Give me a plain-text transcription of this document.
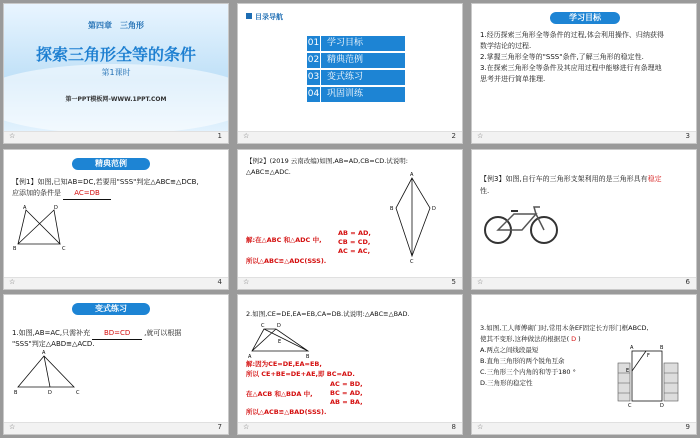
第四章　三角形
探索三角形全等的条件
第1课时
第一PPT模板网-WWW.1PPT.COM
☆	1
目录导航
01 学习目标
02 精典范例
03 变式练习
04 巩固训练
☆	2
学习目标
1.经历探索三角形全等条件的过程,体会利用操作、归纳获得
数学结论的过程.
2.掌握三角形全等的"SSS"条件,了解三角形的稳定性.
3.在探索三角形全等条件及其应用过程中能够进行有条理地
思考并进行简单推理.
☆	3
精典范例
【例1】如图,已知AB=DC,若要用"SSS"判定△ABC≌△DCB,
应添加的条件是 AC=DB
A	D
B	C
☆	4
【例2】(2019 云南改编)如图,AB=AD,CB=CD.试说明:
△ABC≌△ADC.
解:在△ABC 和△ADC 中,
AB = AD,
CB = CD,
AC = AC,
所以△ABC≌△ADC(SSS).
A
B	D
C
☆	5
【例3】如图,自行车的三角形支架利用的是三角形具有稳定
性.
☆	6
变式练习
1.如图,AB=AC,只需补充 BD=CD ,就可以根据
"SSS"判定△ABD≌△ACD.
A
B	D	C
☆	7
2.如图,CE=DE,EA=EB,CA=DB.试说明:△ABC≌△BAD.
C	D
E
A	B
解:因为CE=DE,EA=EB,
所以 CE+BE=DE+AE,即 BC=AD.
在△ACB 和△BDA 中,
AC = BD,
BC = AD,
AB = BA,
所以△ACB≌△BAD(SSS).
☆	8
3.如图,工人师傅砌门时,常用木条EF固定长方形门框ABCD,
使其不变形,这种做法的根据是( D )
A.两点之间线段最短
B.直角三角形的两个锐角互余
C.三角形三个内角的和等于180 °
D.三角形的稳定性
A	B
E
F
C	D
☆	9
